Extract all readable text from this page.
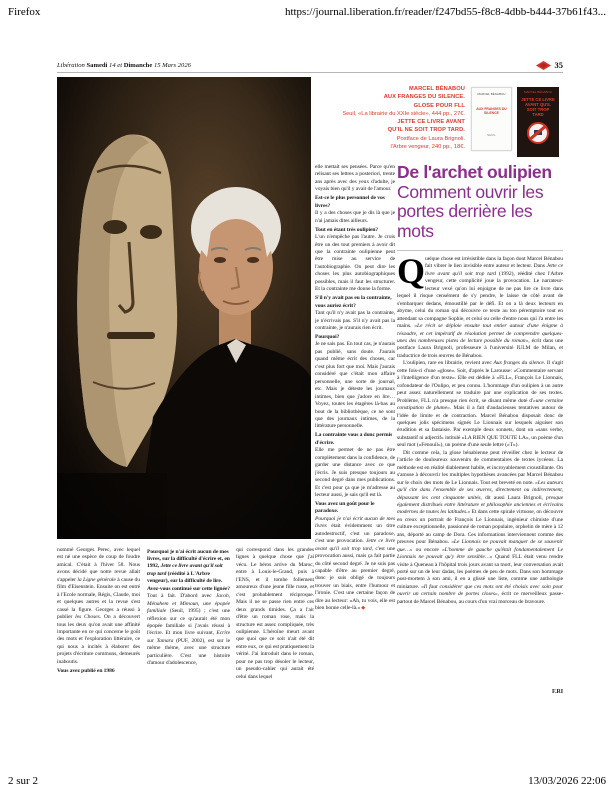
Firefox	https://journal.liberation.fr/reader/f247bd55-f8c8-4dbb-b444-37b61f43...
Libération Samedi 14 et Dimanche 15 Mars 2026	35
MARCEL BÉNABOU
AUX FRANGES DU SILENCE.
GLOSE POUR FLL
Seuil, «La librairie du XXIe siècle», 444 pp., 27€.
JETTE CE LIVRE AVANT
QU'IL NE SOIT TROP TARD.
Postface de Laura Brignoli.
l'Arbre vengeur, 240 pp., 18€.
MARCEL BÉNABOU
AUX FRANGES DU SILENCE
SEUIL
MARCEL BÉNABOU
JETTE CE LIVRE AVANT QU'IL SOIT TROP TARD
De l'archet oulipien Comment ouvrir les portes derrière les mots
Q uelque chose est irrésistible dans la façon dont Marcel Bénabou fait vibrer le lien invisible entre auteur et lecteur. Dans Jette ce livre avant qu'il soit trop tard (1992), réédité chez l'Arbre vengeur, cette complicité joue la provocation. Le narrateur-lecteur vexé qu'on lui enjoigne de ne pas lire ce livre dans lequel il risque censément de s'y pendre, le laisse de côté avant de s'embarquer dedans, émoustillé par le défi. Et on a là deux lecteurs en abyme, celui du roman qui découvre ce texte au ton péremptoire tout en attendant sa compagne Sophie, et celui ou celle d'entre nous qui l'a entre les mains. «Le récit se déploie ensuite tout entier autour d'une énigme à résoudre, et cet impératif de résolution permet de comprendre quelques-unes des nombreuses pistes de lecture possible du roman», écrit dans une postface Laura Brignoli, professeure à l'université IULM de Milan, et traductrice de trois œuvres de Bénabou.
L'oulipien, rare en librairie, revient avec Aux franges du silence. Il s'agit cette fois-ci d'une «glose». Soit, d'après le Larousse: «Commentaire servant à l'intelligence d'un texte». Elle est dédiée à «FLL», François Le Lionnais, cofondateur de l'Oulipo, et peu connu. L'hommage d'un oulipien à un autre peut assez naturellement se traduire par une explication de ses textes. Problème, FLL n'a presque rien écrit, se disant même doté d'«une certaine constipation de plume». Mais il a fait d'audacieuses tentatives autour de l'idée de limite et de contraction. Marcel Bénabou disposait donc de quelques jolis spécimens signés Le Lionnais sur lesquels aiguiser son érudition et sa fantaisie. Par exemple deux sonnets, dont un «sans verbe, substantif ni adjectif» intitulé «LA RIEN QUE TOUTE LA», un poème d'un seul mot («Fenouil»), un poème d'une seule lettre («T»).
Dit comme cela, la glose bénabienne peut réveiller chez le lecteur de l'article de douloureux souvenirs de commentaires de textes lycéens. La méthode est en réalité diablement habile, et incroyablement croustillante. On s'amuse à découvrir les multiples hypothèses avancées par Marcel Bénabou sur le choix des mots de Le Lionnais. Tout est breveté en note. «Les auteurs qu'il cite dans l'ensemble de ses œuvres, directement ou indirectement, dépassant les cent cinquante unités, dit aussi Laura Brignoli, presque également distribués entre littérature et philosophie anciennes et écrivains modernes de toutes les latitudes.» Et dans cette spirale virtuose, on découvre en creux un portrait de François Le Lionnais, ingénieur chimiste d'une culture exceptionnelle, passionné de roman populaire, orphelin de mère à 12 ans, déporté au camp de Dora. Ces informations interviennent comme des preuves pour Bénabou. «Le Lionnais ne pouvait manquer de se souvenir que…» ou encore «L'homme de gauche qu'était fondamentalement Le Lionnais ne pouvait qu'y être sensible…» Quand FLL était venu rendre visite à Queneau à l'hôpital trois jours avant sa mort, leur conversation avait porté sur un de leur dadas, les poèmes de peu de mots. Dans son hommage post-mortem à son ami, il en a glissé une liste, comme une anthologie miniature. «Il faut considérer que ces mots ont été choisis avec soin pour ouvrir un certain nombre de portes closes», écrit ce merveilleux passe-partout de Marcel Bénabou, au cours d'un vrai morceau de bravoure.
F.RI
elle mettait ses pensées. Parce qu'en relisant ses lettres a posteriori, trente ans après avec des yeux d'adulte, je voyais bien qu'il y avait de l'amour.
Est-ce le plus personnel de vos livres?
Il y a des choses que je dis là que je n'ai jamais dites ailleurs.
Tout en étant très oulipien?
L'un n'empêche pas l'autre. Je crois être un des tout premiers à avoir dit que la contrainte oulipienne peut être mise au service de l'autobiographie. On peut dire les choses les plus autobiographiques possibles, mais il faut les structurer. Et la contrainte me donne la forme.
S'il n'y avait pas eu la contrainte, vous auriez écrit?
Tant qu'il n'y avait pas la contrainte, je n'écrivais pas. S'il n'y avait pas la contrainte, je n'aurais rien écrit.
Pourquoi?
Je ne sais pas. En tout cas, je n'aurais pas publié, sans doute. J'aurais quand même écrit des choses, car c'est plus fort que moi. Mais j'aurais considéré que c'était mon affaire personnelle, une sorte de journal, etc. Mais je déteste les journaux intimes, bien que j'adore en lire… Voyez, toutes les étagères là-bas au bout de la bibliothèque, ce ne sont que des journaux intimes, de la littérature personnelle.
La contrainte vous a donc permis d'écrire.
Elle me permet de ne pas être complètement dans la confidence, de garder une distance avec ce que j'écris. Je suis presque toujours au second degré dans mes publications. Et c'est pour ça que je m'adresse au lecteur aussi, je sais qu'il est là.
Vous avez un goût pour le paradoxe.
Pourquoi je n'ai écrit aucun de mes livres était évidemment un titre autodestructif, c'est un paradoxe, c'est une provocation. Jette ce livre avant qu'il soit trop tard, c'est une provocation aussi, mais ça fait partie du côté second degré. Je ne suis pas capable d'être au premier degré, donc je suis obligé de toujours trouver un biais, entre l'humour et l'ironie. C'est une certaine façon de dire au lecteur: «Ah, tu vois, elle est bien bonne celle-là.» ◆
nommé Georges Perec, avec lequel est né une espèce de coup de foudre amical. C'était à l'hiver 58. Nous avons décidé que notre revue allait s'appeler la Ligne générale à cause du film d'Eisenstein. Ensuite on est entré à l'Ecole normale, Régis, Claude, moi et quelques autres et la revue s'est cassé la figure. Georges a réussi à publier les Choses. On a découvert tous les deux qu'on avait une affinité importante en ce qui concerne le goût des mots et l'exploration littéraire, ce qui nous a incités à élaborer des projets d'écriture communs, demeurés inaboutis.
Vous avez publié en 1986
Pourquoi je n'ai écrit aucun de mes livres, sur la difficulté d'écrire et, en 1992, Jette ce livre avant qu'il soit trop tard (réédité à L'Arbre vengeur), sur la difficulté de lire. Avez-vous continué sur cette lignée?
Tout à fait. D'abord avec Jacob, Ménahem et Mimoun, une épopée familiale (Seuil, 1995) ; c'est une réflexion sur ce qu'aurait été mon épopée familiale si j'avais réussi à l'écrire. Et mon livre suivant, Ecrire sur Tamara (PUF, 2002), est sur le même thème, avec une structure particulière. C'est une histoire d'amour d'adolescence,
qui correspond dans les grandes lignes à quelque chose que j'ai vécu. Le héros arrive du Maroc, entre à Louis-le-Grand, puis à l'ENS, et il tombe follement amoureux d'une jeune fille russe, et c'est probablement réciproque. Mais il ne se passe rien entre ces deux grands timides. Ça a l'air d'être un roman rose, mais la structure est assez compliquée, très oulipienne. L'héroïne meurt avant que quoi que ce soit n'ait été dit entre eux, ce qui est pratiquement la vérité. J'ai introduit dans le roman, pour ne pas trop désoler le lecteur, un pseudo-cahier qui aurait été celui dans lequel
2 sur 2	13/03/2026 22:06
